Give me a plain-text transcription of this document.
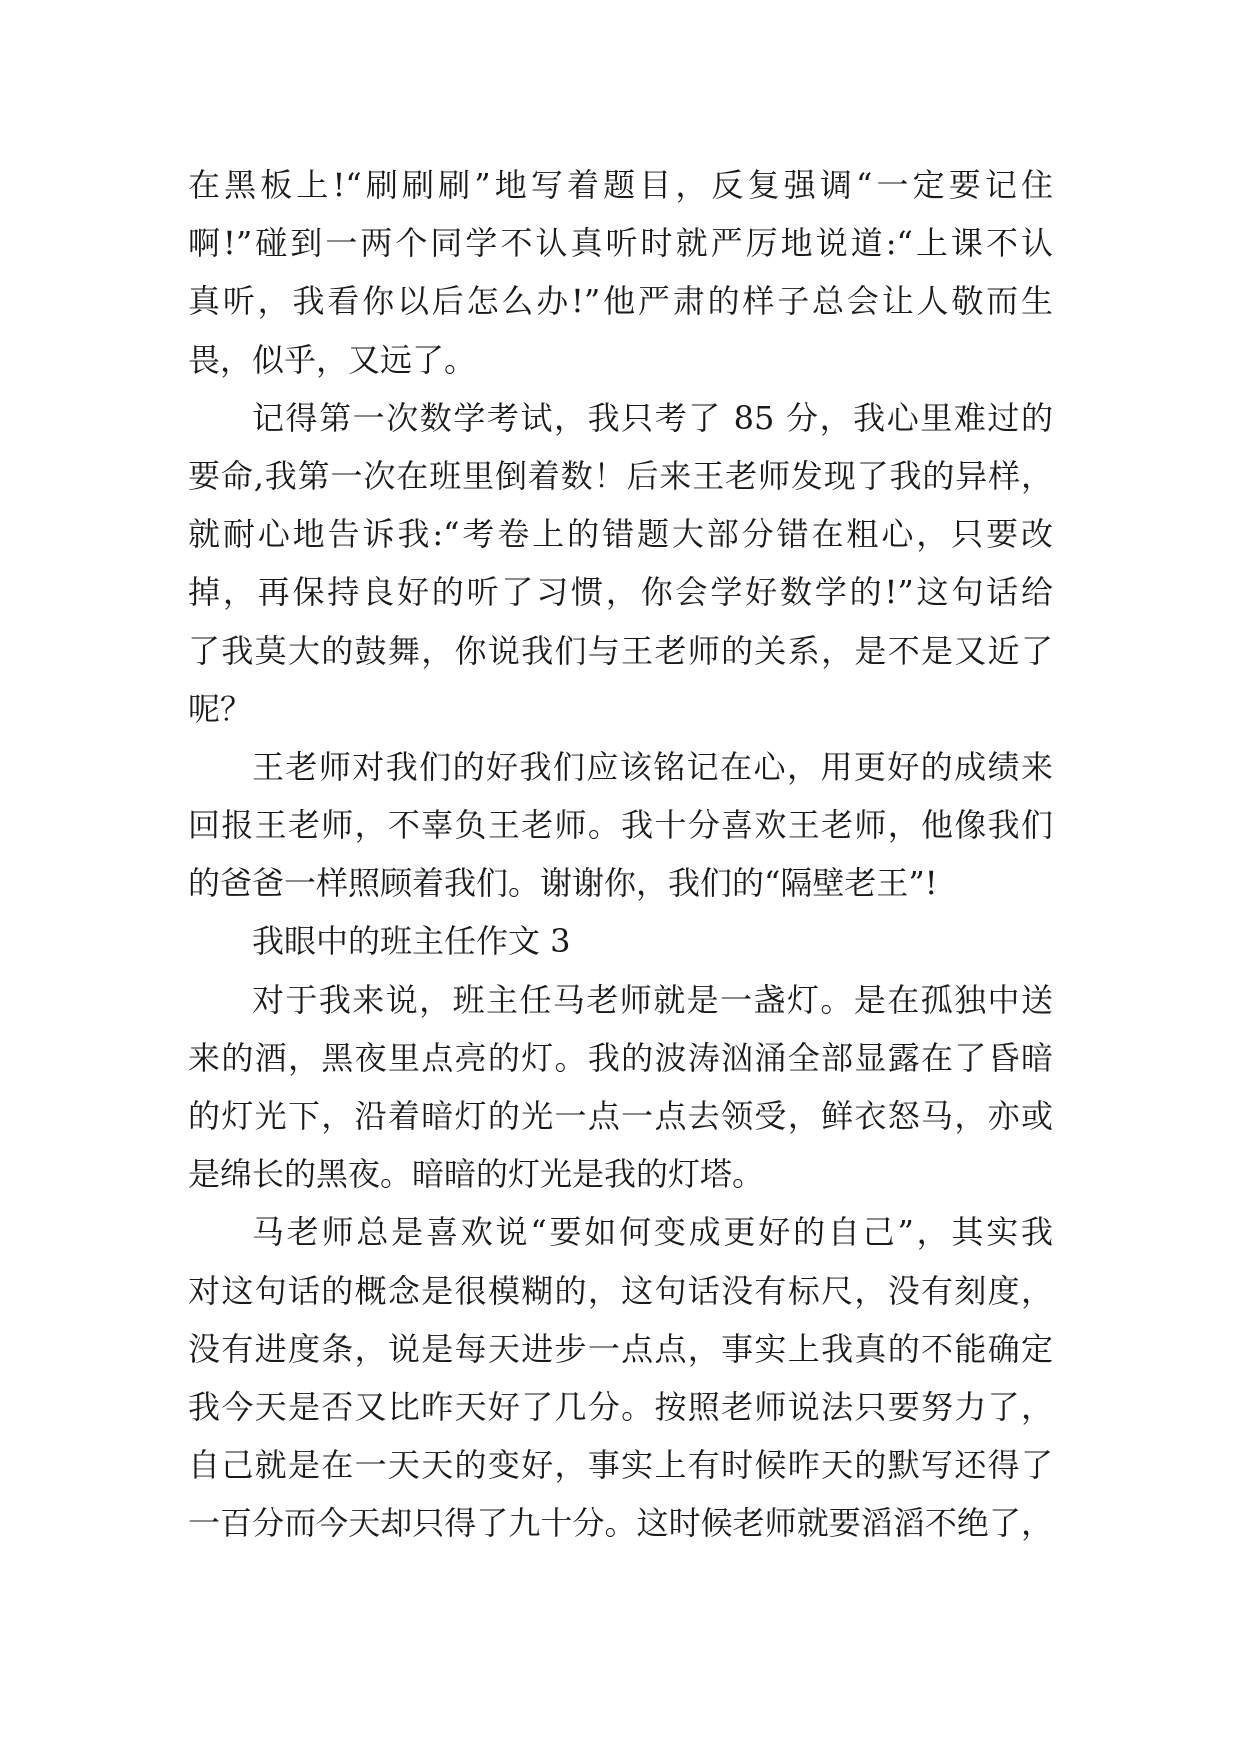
在黑板上!“刷刷刷”地写着题目，反复强调“一定要记住
啊!”碰到一两个同学不认真听时就严厉地说道:“上课不认
真听，我看你以后怎么办!”他严肃的样子总会让人敬而生
畏，似乎，又远了。
记得第一次数学考试，我只考了 85 分，我心里难过的
要命,我第一次在班里倒着数！后来王老师发现了我的异样，
就耐心地告诉我:“考卷上的错题大部分错在粗心，只要改
掉，再保持良好的听了习惯，你会学好数学的!”这句话给
了我莫大的鼓舞，你说我们与王老师的关系，是不是又近了
呢？
王老师对我们的好我们应该铭记在心，用更好的成绩来
回报王老师，不辜负王老师。我十分喜欢王老师，他像我们
的爸爸一样照顾着我们。谢谢你，我们的“隔壁老王”!
我眼中的班主任作文 3
对于我来说，班主任马老师就是一盏灯。是在孤独中送
来的酒，黑夜里点亮的灯。我的波涛汹涌全部显露在了昏暗
的灯光下，沿着暗灯的光一点一点去领受，鲜衣怒马，亦或
是绵长的黑夜。暗暗的灯光是我的灯塔。
马老师总是喜欢说“要如何变成更好的自己”，其实我
对这句话的概念是很模糊的，这句话没有标尺，没有刻度，
没有进度条，说是每天进步一点点，事实上我真的不能确定
我今天是否又比昨天好了几分。按照老师说法只要努力了，
自己就是在一天天的变好，事实上有时候昨天的默写还得了
一百分而今天却只得了九十分。这时候老师就要滔滔不绝了，
